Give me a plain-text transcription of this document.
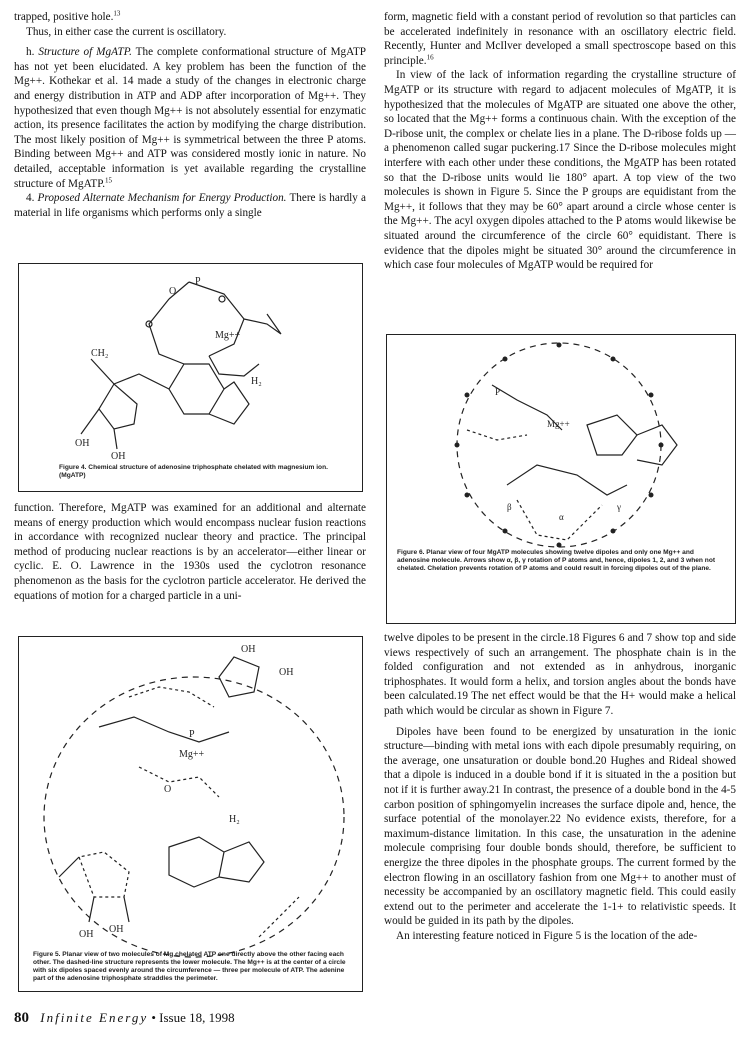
trapped, positive hole.$^{13}$

Thus, in either case the current is oscillatory.

h. Structure of MgATP. The complete conformational structure of MgATP has not yet been elucidated. A key problem has been the function of the Mg++. Kothekar et al. 14 made a study of the changes in electronic charge and energy distribution in ATP and ADP after incorporation of Mg++. They hypothesized that even though Mg++ is not absolutely essential for enzymatic action, its presence facilitates the action by modifying the charge distribution. The most likely position of Mg++ is symmetrical between the three P atoms. Binding between Mg++ and ATP was considered mostly ionic in nature. No detailed, acceptable information is yet available regarding the crystalline structure of MgATP.$^{15}$

4. Proposed Alternate Mechanism for Energy Production. There is hardly a material in life organisms which performs only a single

Mg++
H₂
CH₂
OH
OH
P
O
Figure 4. Chemical structure of adenosine triphosphate chelated with magnesium ion. (MgATP)

function. Therefore, MgATP was examined for an additional and alternate means of energy production which would encompass nuclear fusion reactions in accordance with recognized nuclear theory and practice. The principal method of producing nuclear reactions is by an accelerator—either linear or cyclic. E. O. Lawrence in the 1930s used the cyclotron resonance phenomenon as the basis for the cyclotron particle accelerator. He derived the equations of motion for a charged particle in a uni-

OH
OH
Mg++
H₂
OH OH
P
O
Figure 5. Planar view of two molecules of Mg chelated ATP one directly above the other facing each other. The dashed-line structure represents the lower molecule. The Mg++ is at the center of a circle with six dipoles spaced evenly around the circumference — three per molecule of ATP. The adenine part of the adenosine triphosphate straddles the perimeter.

form, magnetic field with a constant period of revolution so that particles can be accelerated indefinitely in resonance with an oscillatory electric field. Recently, Hunter and McIlver developed a small spectroscope based on this principle.$^{16}$

In view of the lack of information regarding the crystalline structure of MgATP or its structure with regard to adjacent molecules of MgATP, it is hypothesized that the molecules of MgATP are situated one above the other, so located that the Mg++ forms a continuous chain. With the exception of the D-ribose unit, the complex or chelate lies in a plane. The D-ribose folds up — a phenomenon called sugar puckering.17 Since the D-ribose molecules might interfere with each other under these conditions, the MgATP has been rotated so that the D-ribose units would lie 180° apart. A top view of the two molecules is shown in Figure 5. Since the P groups are equidistant from the Mg++, it follows that they may be 60° apart around a circle whose center is the Mg++. The acyl oxygen dipoles attached to the P atoms would likewise be situated around the circumference of the circle 60° equidistant. There is evidence that the dipoles might be situated 30° around the circumference in which case four molecules of MgATP would be required for

Mg++
P
β	γ
α
Figure 6. Planar view of four MgATP molecules showing twelve dipoles and only one Mg++ and adenosine molecule. Arrows show α, β, γ rotation of P atoms and, hence, dipoles 1, 2, and 3 when not chelated. Chelation prevents rotation of P atoms and could result in forcing dipoles out of the plane.

twelve dipoles to be present in the circle.18 Figures 6 and 7 show top and side views respectively of such an arrangement. The phosphate chain is in the folded configuration and not extended as in anhydrous, inorganic triphosphates. It would form a helix, and torsion angles about the bonds have been calculated.19 The net effect would be that the H+ would make a helical path which would be circular as shown in Figure 7.

Dipoles have been found to be energized by unsaturation in the ionic structure—binding with metal ions with each dipole presumably requiring, on the average, one unsaturation or double bond.20 Hughes and Rideal showed that a dipole is induced in a double bond if it is situated in the a position but not if it is further away.21 In contrast, the presence of a double bond in the 4-5 carbon position of sphingomyelin increases the surface dipole and, hence, the surface potential of the monolayer.22 No evidence exists, therefore, for a maximum-distance limitation. In this case, the unsaturation in the adenine molecule comprising four double bonds should, therefore, be sufficient to energize the three dipoles in the phosphate groups. The current formed by the electron flowing in an oscillatory fashion from one Mg++ to another must of necessity be accompanied by an oscillatory magnetic field. This could easily extend out to the perimeter and accelerate the 1-1+ to relativistic speeds. It would be guided in its path by the dipoles.

An interesting feature noticed in Figure 5 is the location of the ade-

80 Infinite Energy • Issue 18, 1998
